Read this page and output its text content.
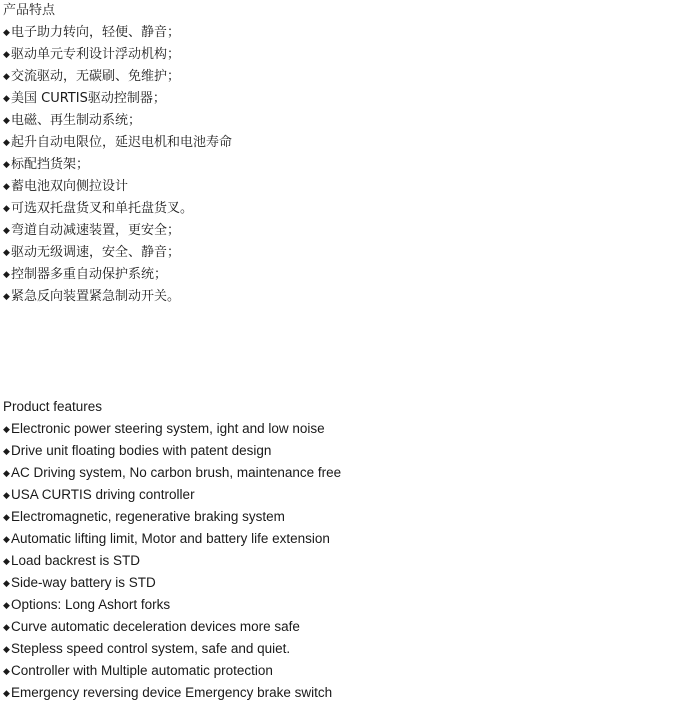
产品特点
◆ 电子助力转向，轻便、静音；
◆ 驱动单元专利设计浮动机构；
◆ 交流驱动，无碳刷、免维护；
◆ 美国 CURTIS驱动控制器；
◆ 电磁、再生制动系统；
◆ 起升自动电限位，延迟电机和电池寿命
◆ 标配挡货架；
◆ 蓄电池双向侧拉设计
◆ 可选双托盘货叉和单托盘货叉。
◆ 弯道自动减速装置，更安全；
◆ 驱动无级调速，安全、静音；
◆ 控制器多重自动保护系统；
◆ 紧急反向装置紧急制动开关。
Product features
◆ Electronic power steering system, ight and low noise
◆ Drive unit floating bodies with patent design
◆ AC Driving system, No carbon brush, maintenance free
◆ USA CURTIS driving controller
◆ Electromagnetic, regenerative braking system
◆ Automatic lifting limit, Motor and battery life extension
◆ Load backrest is STD
◆ Side-way battery is STD
◆ Options: Long Ashort forks
◆ Curve automatic deceleration devices more safe
◆ Stepless speed control system, safe and quiet.
◆ Controller with Multiple automatic protection
◆ Emergency reversing device Emergency brake switch
